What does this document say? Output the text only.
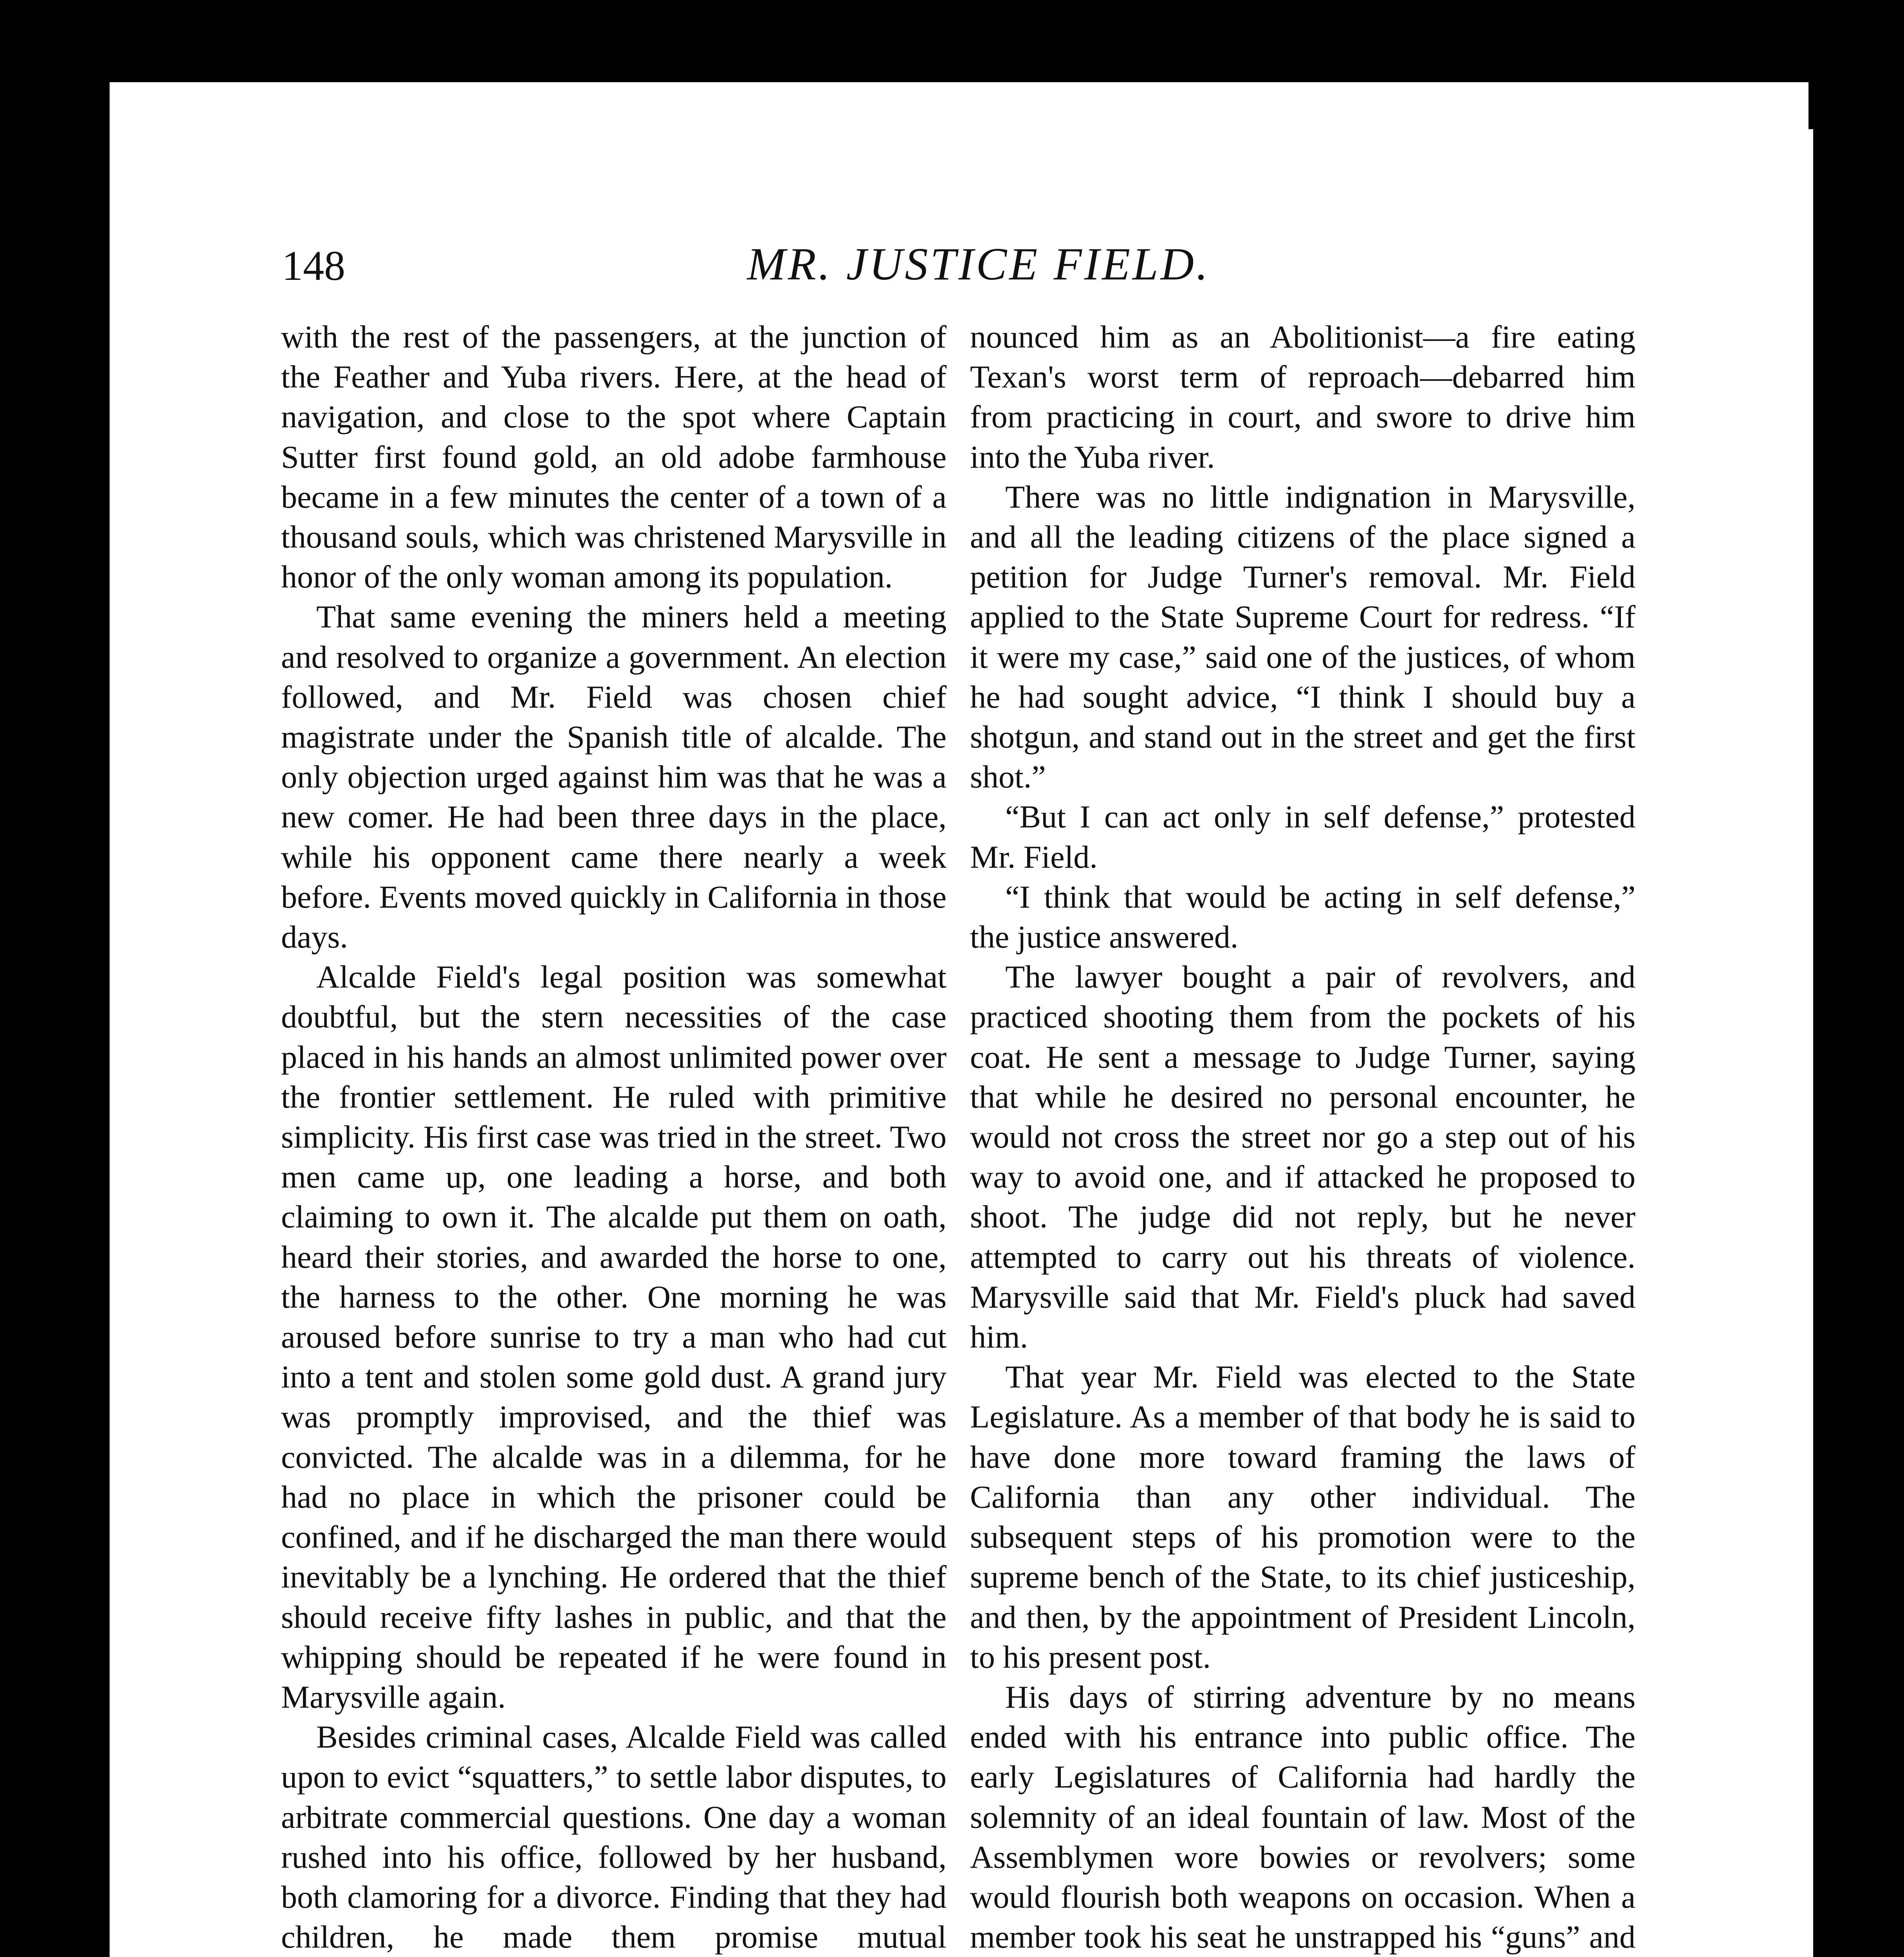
148	MR. JUSTICE FIELD.

with the rest of the passengers, at the junction of the Feather and Yuba rivers. Here, at the head of navigation, and close to the spot where Captain Sutter first found gold, an old adobe farmhouse became in a few minutes the center of a town of a thousand souls, which was christened Marysville in honor of the only woman among its population.

That same evening the miners held a meeting and resolved to organize a government. An election followed, and Mr. Field was chosen chief magistrate under the Spanish title of alcalde. The only objection urged against him was that he was a new comer. He had been three days in the place, while his opponent came there nearly a week before. Events moved quickly in California in those days.

Alcalde Field's legal position was somewhat doubtful, but the stern necessities of the case placed in his hands an almost unlimited power over the frontier settlement. He ruled with primitive simplicity. His first case was tried in the street. Two men came up, one leading a horse, and both claiming to own it. The alcalde put them on oath, heard their stories, and awarded the horse to one, the harness to the other. One morning he was aroused before sunrise to try a man who had cut into a tent and stolen some gold dust. A grand jury was promptly improvised, and the thief was convicted. The alcalde was in a dilemma, for he had no place in which the prisoner could be confined, and if he discharged the man there would inevitably be a lynching. He ordered that the thief should receive fifty lashes in public, and that the whipping should be repeated if he were found in Marysville again.

Besides criminal cases, Alcalde Field was called upon to evict “squatters,” to settle labor disputes, to arbitrate commercial questions. One day a woman rushed into his office, followed by her husband, both clamoring for a divorce. Finding that they had children, he made them promise mutual

nounced him as an Abolitionist—a fire eating Texan's worst term of reproach—debarred him from practicing in court, and swore to drive him into the Yuba river.

There was no little indignation in Marysville, and all the leading citizens of the place signed a petition for Judge Turner's removal. Mr. Field applied to the State Supreme Court for redress. “If it were my case,” said one of the justices, of whom he had sought advice, “I think I should buy a shotgun, and stand out in the street and get the first shot.”

“But I can act only in self defense,” protested Mr. Field.

“I think that would be acting in self defense,” the justice answered.

The lawyer bought a pair of revolvers, and practiced shooting them from the pockets of his coat. He sent a message to Judge Turner, saying that while he desired no personal encounter, he would not cross the street nor go a step out of his way to avoid one, and if attacked he proposed to shoot. The judge did not reply, but he never attempted to carry out his threats of violence. Marysville said that Mr. Field's pluck had saved him.

That year Mr. Field was elected to the State Legislature. As a member of that body he is said to have done more toward framing the laws of California than any other individual. The subsequent steps of his promotion were to the supreme bench of the State, to its chief justiceship, and then, by the appointment of President Lincoln, to his present post.

His days of stirring adventure by no means ended with his entrance into public office. The early Legislatures of California had hardly the solemnity of an ideal fountain of law. Most of the Assemblymen wore bowies or revolvers; some would flourish both weapons on occasion. When a member took his seat he unstrapped his “guns” and
